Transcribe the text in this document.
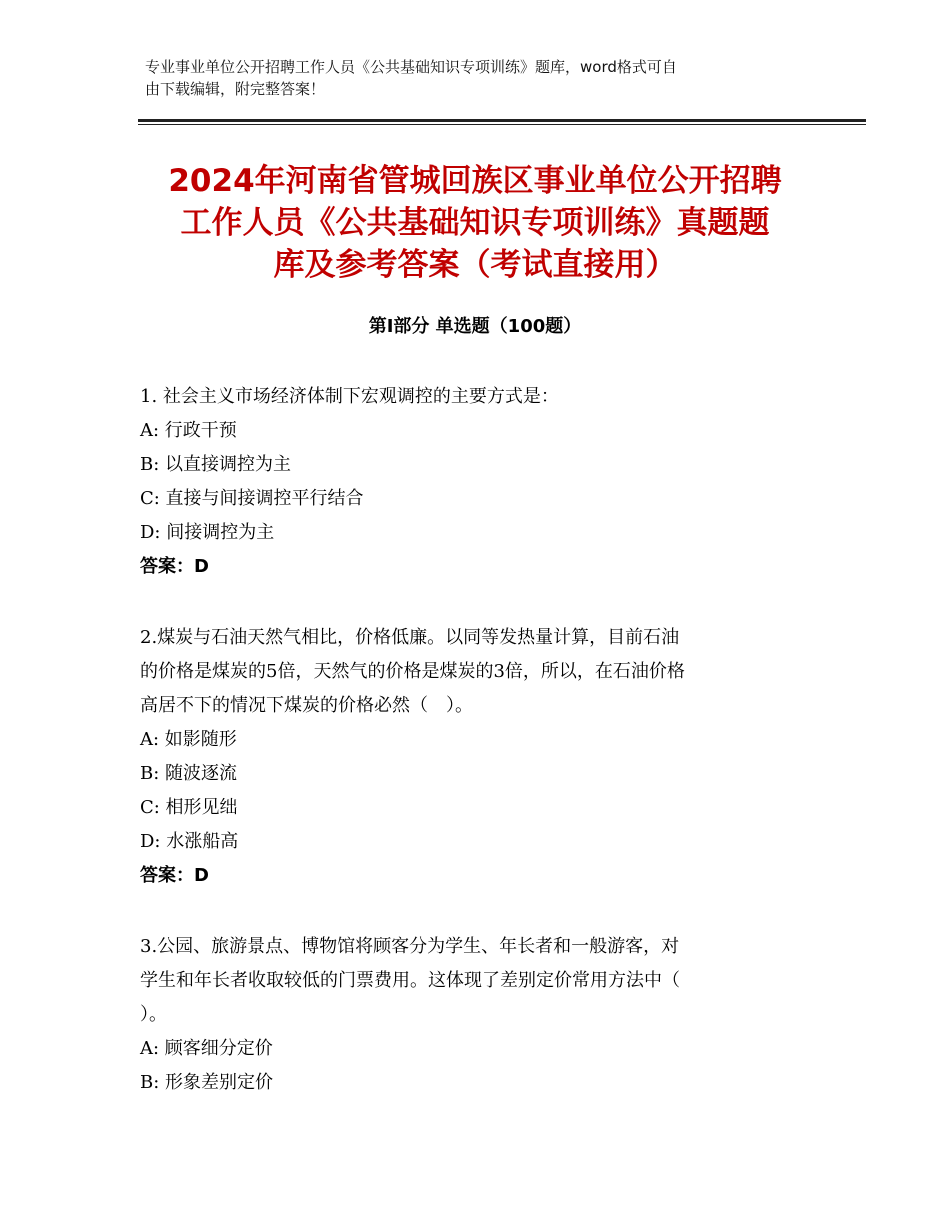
专业事业单位公开招聘工作人员《公共基础知识专项训练》题库，word格式可自
由下载编辑，附完整答案！
2024年河南省管城回族区事业单位公开招聘
工作人员《公共基础知识专项训练》真题题
库及参考答案（考试直接用）
第Ⅰ部分 单选题（100题）
1. 社会主义市场经济体制下宏观调控的主要方式是：
A: 行政干预
B: 以直接调控为主
C: 直接与间接调控平行结合
D: 间接调控为主
答案：D
2.煤炭与石油天然气相比，价格低廉。以同等发热量计算，目前石油
的价格是煤炭的5倍，天然气的价格是煤炭的3倍，所以，在石油价格
高居不下的情况下煤炭的价格必然（　）。
A: 如影随形
B: 随波逐流
C: 相形见绌
D: 水涨船高
答案：D
3.公园、旅游景点、博物馆将顾客分为学生、年长者和一般游客，对
学生和年长者收取较低的门票费用。这体现了差别定价常用方法中（
）。
A: 顾客细分定价
B: 形象差别定价
